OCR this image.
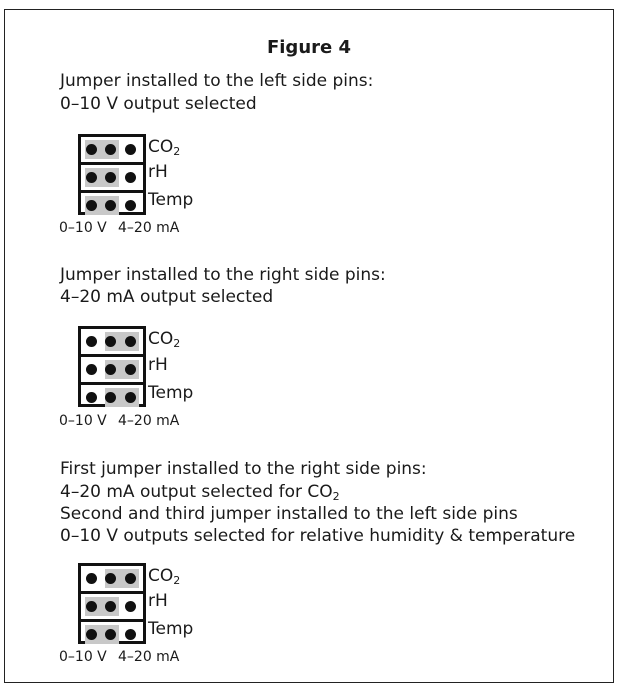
Figure 4
Jumper installed to the left side pins:
0–10 V output selected
$CO_2$
rH
Temp
0–10 V 4–20 mA
Jumper installed to the right side pins:
4–20 mA output selected
$CO_2$
rH
Temp
0–10 V 4–20 mA
First jumper installed to the right side pins:
4–20 mA output selected for $CO_2$
Second and third jumper installed to the left side pins
0–10 V outputs selected for relative humidity & temperature
$CO_2$
rH
Temp
0–10 V 4–20 mA
